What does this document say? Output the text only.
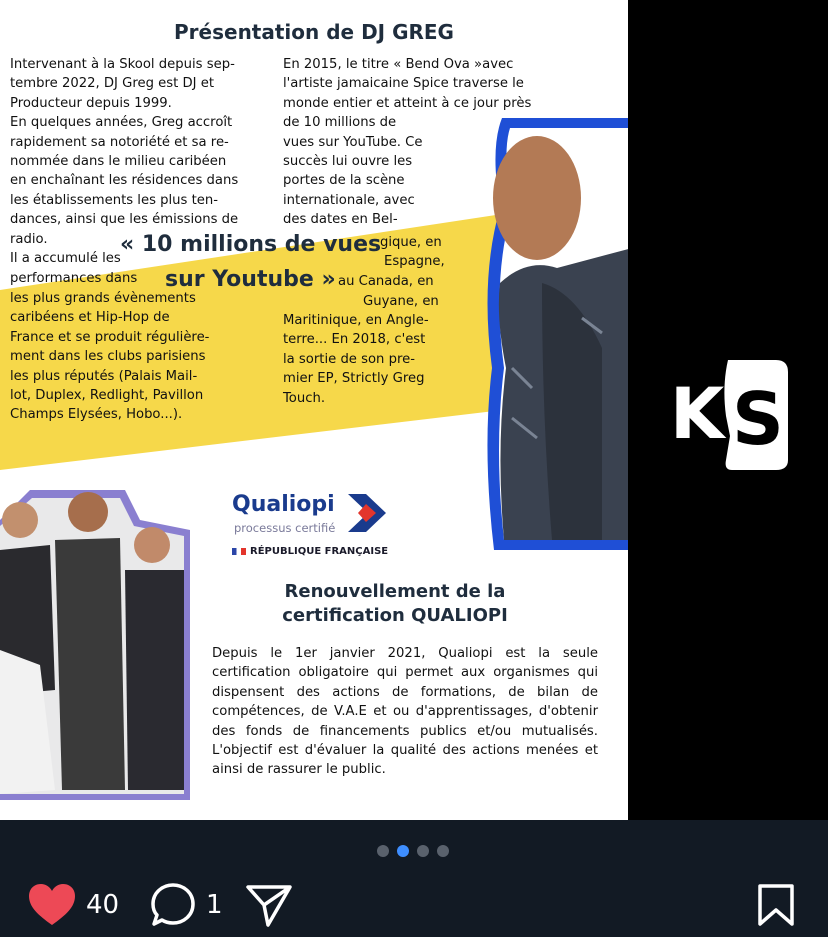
Présentation de DJ GREG

Intervenant à la Skool depuis sep-

tembre 2022, DJ Greg est DJ et

Producteur depuis 1999.

En quelques années, Greg accroît

rapidement sa notoriété et sa re-

nommée dans le milieu caribéen

en enchaînant les résidences dans

les établissements les plus ten-

dances, ainsi que les émissions de

radio.

Il a accumulé les
performances dans

les plus grands évènements

caribéens et Hip-Hop de

France et se produit régulière-

ment dans les clubs parisiens

les plus réputés (Palais Mail-

lot, Duplex, Redlight, Pavillon

Champs Elysées, Hobo...).

En 2015, le titre « Bend Ova »avec

l'artiste jamaicaine Spice traverse le

monde entier et atteint à ce jour près

de 10 millions de

vues sur YouTube. Ce

succès lui ouvre les

portes de la scène

internationale, avec

des dates en Bel-

gique, en
Espagne,
au Canada, en
Guyane, en

Maritinique, en Angle-

terre... En 2018, c'est

la sortie de son pre-

mier EP, Strictly Greg

Touch.

« 10 millions de vues
sur Youtube »
Qualiopi
processus certifié
RÉPUBLIQUE FRANÇAISE
Renouvellement de la
certification QUALIOPI
Depuis le 1er janvier 2021, Qualiopi est la seule certification obligatoire qui permet aux organismes qui dispensent des actions de formations, de bilan de compétences, de V.A.E et ou d'apprentissages, d'obtenir des fonds de financements publics et/ou mutualisés. L'objectif est d'évaluer la qualité des actions menées et ainsi de rassurer le public.
K S
40	1
